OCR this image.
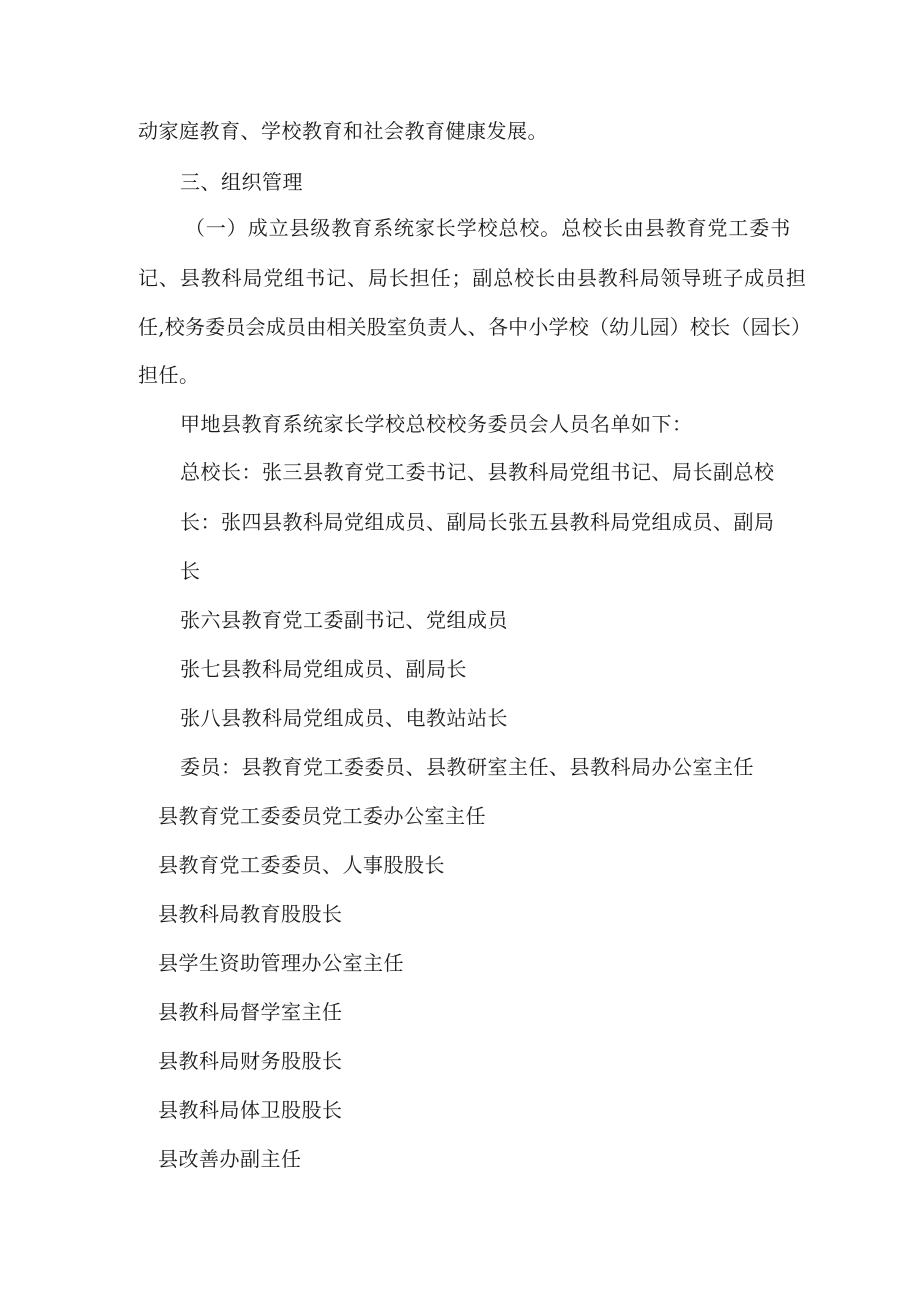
动家庭教育、学校教育和社会教育健康发展。
三、组织管理
（一）成立县级教育系统家长学校总校。总校长由县教育党工委书
记、县教科局党组书记、局长担任；副总校长由县教科局领导班子成员担
任,校务委员会成员由相关股室负责人、各中小学校（幼儿园）校长（园长）
担任。
甲地县教育系统家长学校总校校务委员会人员名单如下：
总校长：张三县教育党工委书记、县教科局党组书记、局长副总校
长：张四县教科局党组成员、副局长张五县教科局党组成员、副局
长
张六县教育党工委副书记、党组成员
张七县教科局党组成员、副局长
张八县教科局党组成员、电教站站长
委员：县教育党工委委员、县教研室主任、县教科局办公室主任
县教育党工委委员党工委办公室主任
县教育党工委委员、人事股股长
县教科局教育股股长
县学生资助管理办公室主任
县教科局督学室主任
县教科局财务股股长
县教科局体卫股股长
县改善办副主任
